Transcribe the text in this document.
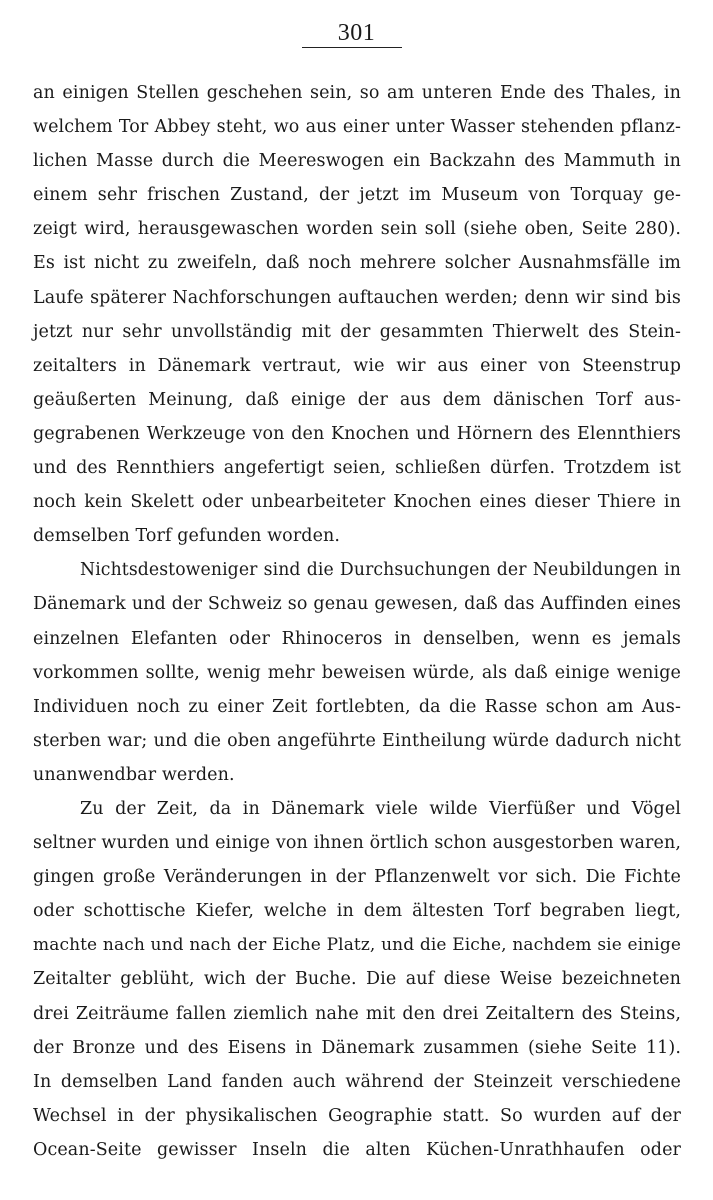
301
an einigen Stellen geschehen sein, so am unteren Ende des Thales, in
welchem Tor Abbey steht, wo aus einer unter Wasser stehenden pflanz-
lichen Masse durch die Meereswogen ein Backzahn des Mammuth in
einem sehr frischen Zustand, der jetzt im Museum von Torquay ge-
zeigt wird, herausgewaschen worden sein soll (siehe oben, Seite 280).
Es ist nicht zu zweifeln, daß noch mehrere solcher Ausnahmsfälle im
Laufe späterer Nachforschungen auftauchen werden; denn wir sind bis
jetzt nur sehr unvollständig mit der gesammten Thierwelt des Stein-
zeitalters in Dänemark vertraut, wie wir aus einer von Steenstrup
geäußerten Meinung, daß einige der aus dem dänischen Torf aus-
gegrabenen Werkzeuge von den Knochen und Hörnern des Elennthiers
und des Rennthiers angefertigt seien, schließen dürfen. Trotzdem ist
noch kein Skelett oder unbearbeiteter Knochen eines dieser Thiere in
demselben Torf gefunden worden.
Nichtsdestoweniger sind die Durchsuchungen der Neubildungen in
Dänemark und der Schweiz so genau gewesen, daß das Auffinden eines
einzelnen Elefanten oder Rhinoceros in denselben, wenn es jemals
vorkommen sollte, wenig mehr beweisen würde, als daß einige wenige
Individuen noch zu einer Zeit fortlebten, da die Rasse schon am Aus-
sterben war; und die oben angeführte Eintheilung würde dadurch nicht
unanwendbar werden.
Zu der Zeit, da in Dänemark viele wilde Vierfüßer und Vögel
seltner wurden und einige von ihnen örtlich schon ausgestorben waren,
gingen große Veränderungen in der Pflanzenwelt vor sich. Die Fichte
oder schottische Kiefer, welche in dem ältesten Torf begraben liegt,
machte nach und nach der Eiche Platz, und die Eiche, nachdem sie einige
Zeitalter geblüht, wich der Buche. Die auf diese Weise bezeichneten
drei Zeiträume fallen ziemlich nahe mit den drei Zeitaltern des Steins,
der Bronze und des Eisens in Dänemark zusammen (siehe Seite 11).
In demselben Land fanden auch während der Steinzeit verschiedene
Wechsel in der physikalischen Geographie statt. So wurden auf der
Ocean-Seite gewisser Inseln die alten Küchen-Unrathhaufen oder
